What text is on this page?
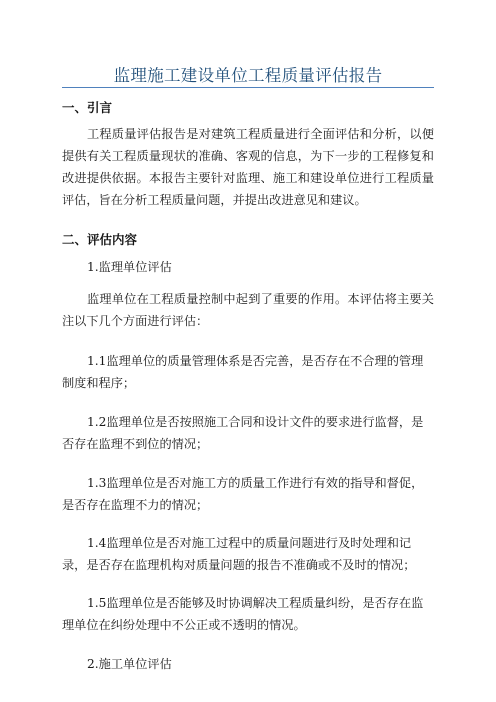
监理施工建设单位工程质量评估报告
一、引言

工程质量评估报告是对建筑工程质量进行全面评估和分析，以便提供有关工程质量现状的准确、客观的信息，为下一步的工程修复和改进提供依据。本报告主要针对监理、施工和建设单位进行工程质量评估，旨在分析工程质量问题，并提出改进意见和建议。

二、评估内容

1.监理单位评估

监理单位在工程质量控制中起到了重要的作用。本评估将主要关注以下几个方面进行评估：

1.1监理单位的质量管理体系是否完善，是否存在不合理的管理制度和程序；

1.2监理单位是否按照施工合同和设计文件的要求进行监督，是否存在监理不到位的情况；

1.3监理单位是否对施工方的质量工作进行有效的指导和督促，是否存在监理不力的情况；

1.4监理单位是否对施工过程中的质量问题进行及时处理和记录，是否存在监理机构对质量问题的报告不准确或不及时的情况；

1.5监理单位是否能够及时协调解决工程质量纠纷，是否存在监理单位在纠纷处理中不公正或不透明的情况。

2.施工单位评估
